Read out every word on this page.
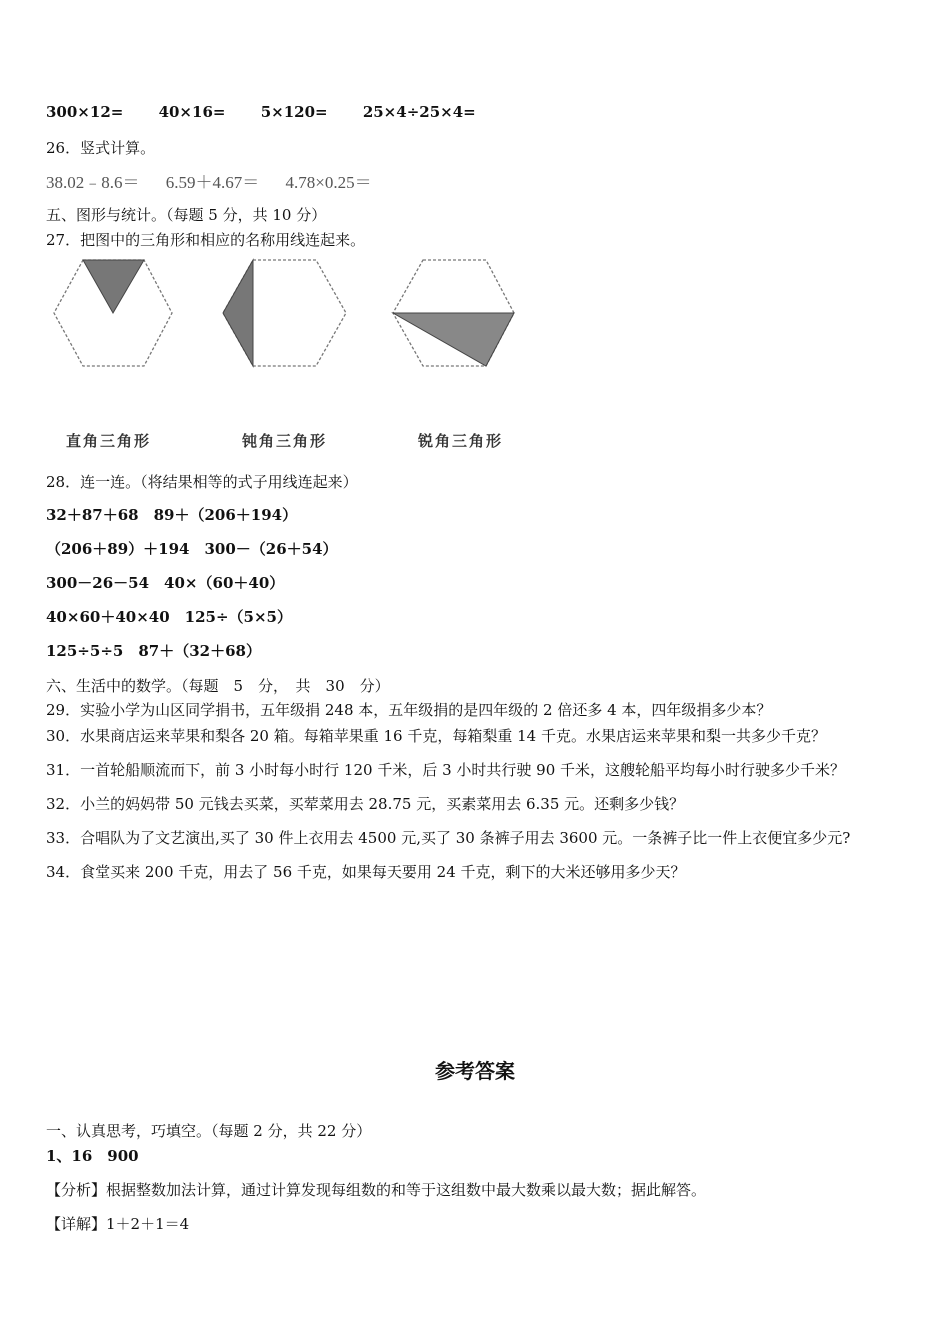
300×12= 40×16= 5×120= 25×4÷25×4=
26．竖式计算。
38.02﹣8.6＝ 6.59＋4.67＝ 4.78×0.25＝
五、图形与统计。（每题 5 分，共 10 分）
27．把图中的三角形和相应的名称用线连起来。
直角三角形	钝角三角形	锐角三角形
28．连一连。（将结果相等的式子用线连起来）
32＋87＋68　89＋（206＋194）
（206＋89）＋194　300－（26＋54）
300－26－54　40×（60＋40）
40×60＋40×40　125÷（5×5）
125÷5÷5　87＋（32＋68）
六、生活中的数学。（每题　5　分，　共　30　分）
29．实验小学为山区同学捐书，五年级捐 248 本，五年级捐的是四年级的 2 倍还多 4 本，四年级捐多少本？
30．水果商店运来苹果和梨各 20 箱。每箱苹果重 16 千克，每箱梨重 14 千克。水果店运来苹果和梨一共多少千克？
31．一首轮船顺流而下，前 3 小时每小时行 120 千米，后 3 小时共行驶 90 千米，这艘轮船平均每小时行驶多少千米？
32．小兰的妈妈带 50 元钱去买菜，买荤菜用去 28.75 元，买素菜用去 6.35 元。还剩多少钱？
33．合唱队为了文艺演出,买了 30 件上衣用去 4500 元,买了 30 条裤子用去 3600 元。一条裤子比一件上衣便宜多少元?
34．食堂买来 200 千克，用去了 56 千克，如果每天要用 24 千克，剩下的大米还够用多少天？
参考答案
一、认真思考，巧填空。（每题 2 分，共 22 分）
1、16　900
【分析】根据整数加法计算，通过计算发现每组数的和等于这组数中最大数乘以最大数；据此解答。
【详解】1＋2＋1＝4
